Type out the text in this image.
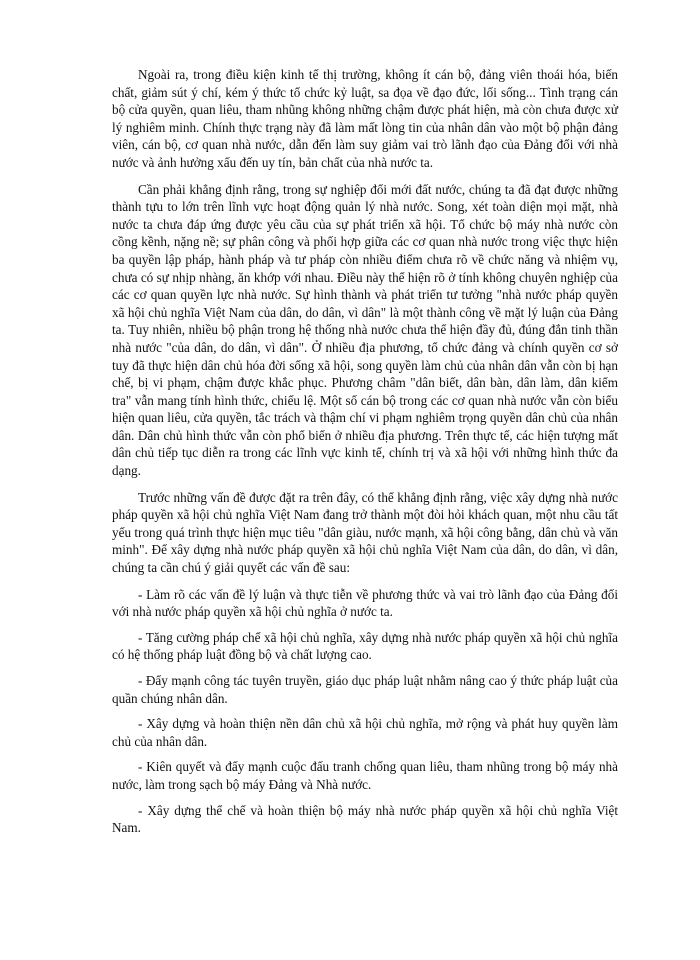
Ngoài ra, trong điều kiện kinh tế thị trường, không ít cán bộ, đảng viên thoái hóa, biến chất, giảm sút ý chí, kém ý thức tổ chức kỷ luật, sa đọa về đạo đức, lối sống... Tình trạng cán bộ cửa quyền, quan liêu, tham nhũng không những chậm được phát hiện, mà còn chưa được xử lý nghiêm minh. Chính thực trạng này đã làm mất lòng tin của nhân dân vào một bộ phận đảng viên, cán bộ, cơ quan nhà nước, dẫn đến làm suy giảm vai trò lãnh đạo của Đảng đối với nhà nước và ảnh hưởng xấu đến uy tín, bản chất của nhà nước ta.

Cần phải khẳng định rằng, trong sự nghiệp đổi mới đất nước, chúng ta đã đạt được những thành tựu to lớn trên lĩnh vực hoạt động quản lý nhà nước. Song, xét toàn diện mọi mặt, nhà nước ta chưa đáp ứng được yêu cầu của sự phát triển xã hội. Tổ chức bộ máy nhà nước còn cồng kềnh, nặng nề; sự phân công và phối hợp giữa các cơ quan nhà nước trong việc thực hiện ba quyền lập pháp, hành pháp và tư pháp còn nhiều điểm chưa rõ về chức năng và nhiệm vụ, chưa có sự nhịp nhàng, ăn khớp với nhau. Điều này thể hiện rõ ở tính không chuyên nghiệp của các cơ quan quyền lực nhà nước. Sự hình thành và phát triển tư tưởng "nhà nước pháp quyền xã hội chủ nghĩa Việt Nam của dân, do dân, vì dân" là một thành công về mặt lý luận của Đảng ta. Tuy nhiên, nhiều bộ phận trong hệ thống nhà nước chưa thể hiện đầy đủ, đúng đắn tinh thần nhà nước "của dân, do dân, vì dân". Ở nhiều địa phương, tổ chức đảng và chính quyền cơ sở tuy đã thực hiện dân chủ hóa đời sống xã hội, song quyền làm chủ của nhân dân vẫn còn bị hạn chế, bị vi phạm, chậm được khắc phục. Phương châm "dân biết, dân bàn, dân làm, dân kiểm tra" vẫn mang tính hình thức, chiếu lệ. Một số cán bộ trong các cơ quan nhà nước vẫn còn biểu hiện quan liêu, cửa quyền, tắc trách và thậm chí vi phạm nghiêm trọng quyền dân chủ của nhân dân. Dân chủ hình thức vẫn còn phổ biến ở nhiều địa phương. Trên thực tế, các hiện tượng mất dân chủ tiếp tục diễn ra trong các lĩnh vực kinh tế, chính trị và xã hội với những hình thức đa dạng.

Trước những vấn đề được đặt ra trên đây, có thể khẳng định rằng, việc xây dựng nhà nước pháp quyền xã hội chủ nghĩa Việt Nam đang trở thành một đòi hỏi khách quan, một nhu cầu tất yếu trong quá trình thực hiện mục tiêu "dân giàu, nước mạnh, xã hội công bằng, dân chủ và văn minh". Để xây dựng nhà nước pháp quyền xã hội chủ nghĩa Việt Nam của dân, do dân, vì dân, chúng ta cần chú ý giải quyết các vấn đề sau:

- Làm rõ các vấn đề lý luận và thực tiễn về phương thức và vai trò lãnh đạo của Đảng đối với nhà nước pháp quyền xã hội chủ nghĩa ở nước ta.

- Tăng cường pháp chế xã hội chủ nghĩa, xây dựng nhà nước pháp quyền xã hội chủ nghĩa có hệ thống pháp luật đồng bộ và chất lượng cao.

- Đẩy mạnh công tác tuyên truyền, giáo dục pháp luật nhằm nâng cao ý thức pháp luật của quần chúng nhân dân.

- Xây dựng và hoàn thiện nền dân chủ xã hội chủ nghĩa, mở rộng và phát huy quyền làm chủ của nhân dân.

- Kiên quyết và đẩy mạnh cuộc đấu tranh chống quan liêu, tham nhũng trong bộ máy nhà nước, làm trong sạch bộ máy Đảng và Nhà nước.

- Xây dựng thể chế và hoàn thiện bộ máy nhà nước pháp quyền xã hội chủ nghĩa Việt Nam.
